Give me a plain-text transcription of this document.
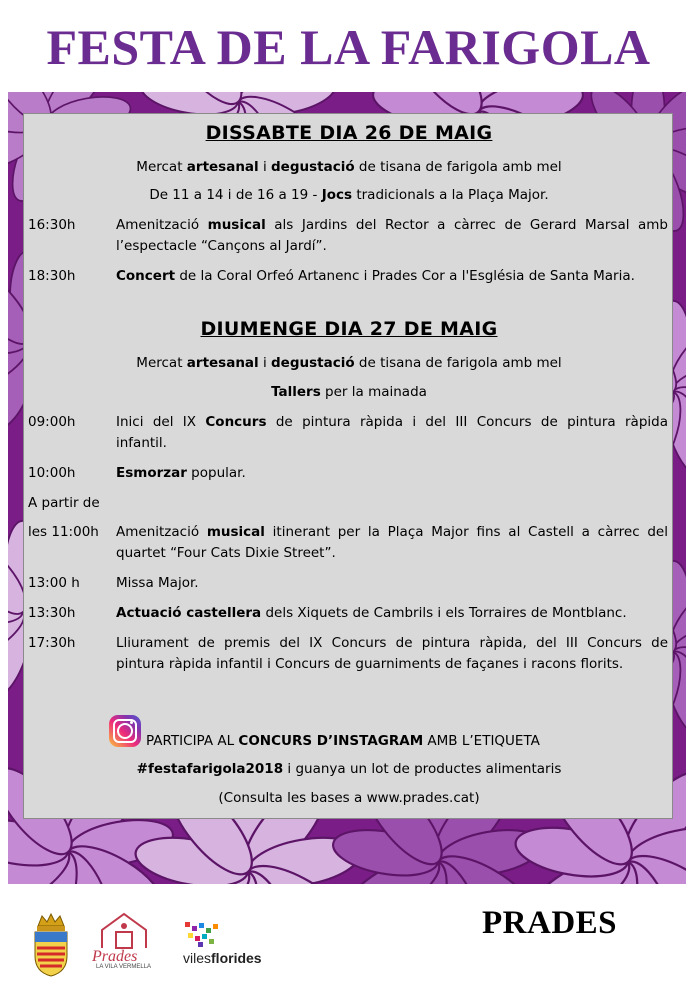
FESTA DE LA FARIGOLA
DISSABTE DIA 26 DE MAIG
Mercat artesanal i degustació de tisana de farigola amb mel
De 11 a 14 i de 16 a 19 - Jocs tradicionals a la Plaça Major.
16:30h	Amenització musical als Jardins del Rector a càrrec de Gerard Marsal amb
l’espectacle “Cançons al Jardí”.
18:30h	Concert de la Coral Orfeó Artanenc i Prades Cor a l'Església de Santa Maria.
DIUMENGE DIA 27 DE MAIG
Mercat artesanal i degustació de tisana de farigola amb mel
Tallers per la mainada
09:00h	Inici del IX Concurs de pintura ràpida i del III Concurs de pintura ràpida
infantil.
10:00h	Esmorzar popular.
A partir de
les 11:00h Amenització musical itinerant per la Plaça Major fins al Castell a càrrec del
quartet “Four Cats Dixie Street”.
13:00 h	Missa Major.
13:30h	Actuació castellera dels Xiquets de Cambrils i els Torraires de Montblanc.
17:30h	Lliurament de premis del IX Concurs de pintura ràpida, del III Concurs de
pintura ràpida infantil i Concurs de guarniments de façanes i racons florits.
PARTICIPA AL CONCURS D’INSTAGRAM AMB L’ETIQUETA
#festafarigola2018 i guanya un lot de productes alimentaris
(Consulta les bases a www.prades.cat)
Prades
LA VILA VERMELLA
vilesflorides
PRADES
